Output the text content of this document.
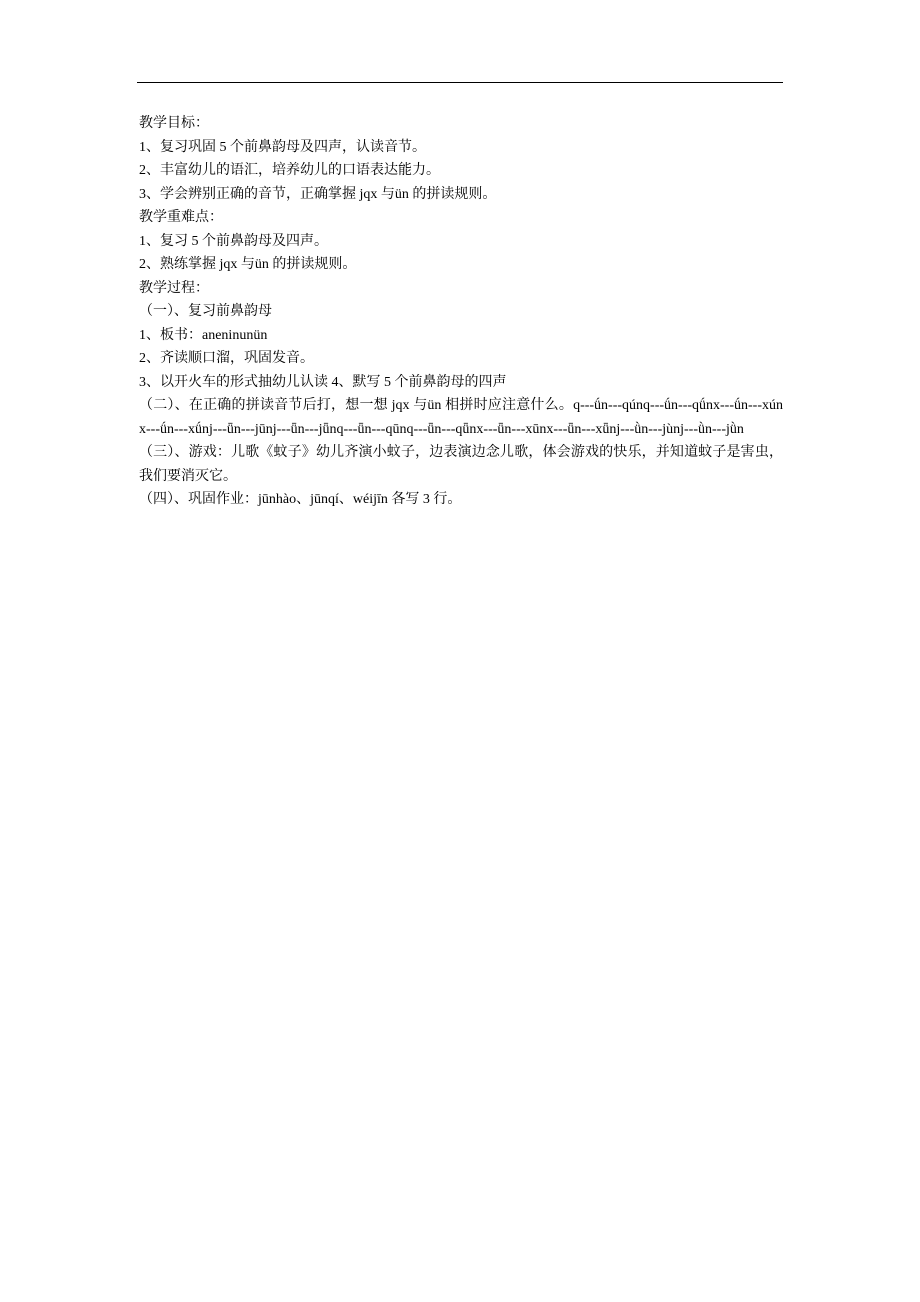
教学目标：

1、复习巩固 5 个前鼻韵母及四声，认读音节。

2、丰富幼儿的语汇，培养幼儿的口语表达能力。

3、学会辨别正确的音节，正确掌握 jqx 与ün 的拼读规则。

教学重难点：

1、复习 5 个前鼻韵母及四声。

2、熟练掌握 jqx 与ün 的拼读规则。

教学过程：

（一）、复习前鼻韵母

1、板书：aneninunün

2、齐读顺口溜，巩固发音。

3、以开火车的形式抽幼儿认读 4、默写 5 个前鼻韵母的四声

（二）、在正确的拼读音节后打，想一想 jqx 与ün 相拼时应注意什么。q---ǘn---qúnq---ǘn---qǘnx---ǘn---xúnx---ǘn---xǘnj---ǖn---jūnj---ǖn---jǖnq---ǖn---qūnq---ǖn---qǖnx---ǖn---xūnx---ǖn---xǖnj---ǜn---jùnj---ǜn---jǜn

（三）、游戏：儿歌《蚊子》幼儿齐演小蚊子，边表演边念儿歌，体会游戏的快乐，并知道蚊子是害虫，我们要消灭它。

（四）、巩固作业：jūnhào、jūnqí、wéijīn 各写 3 行。
